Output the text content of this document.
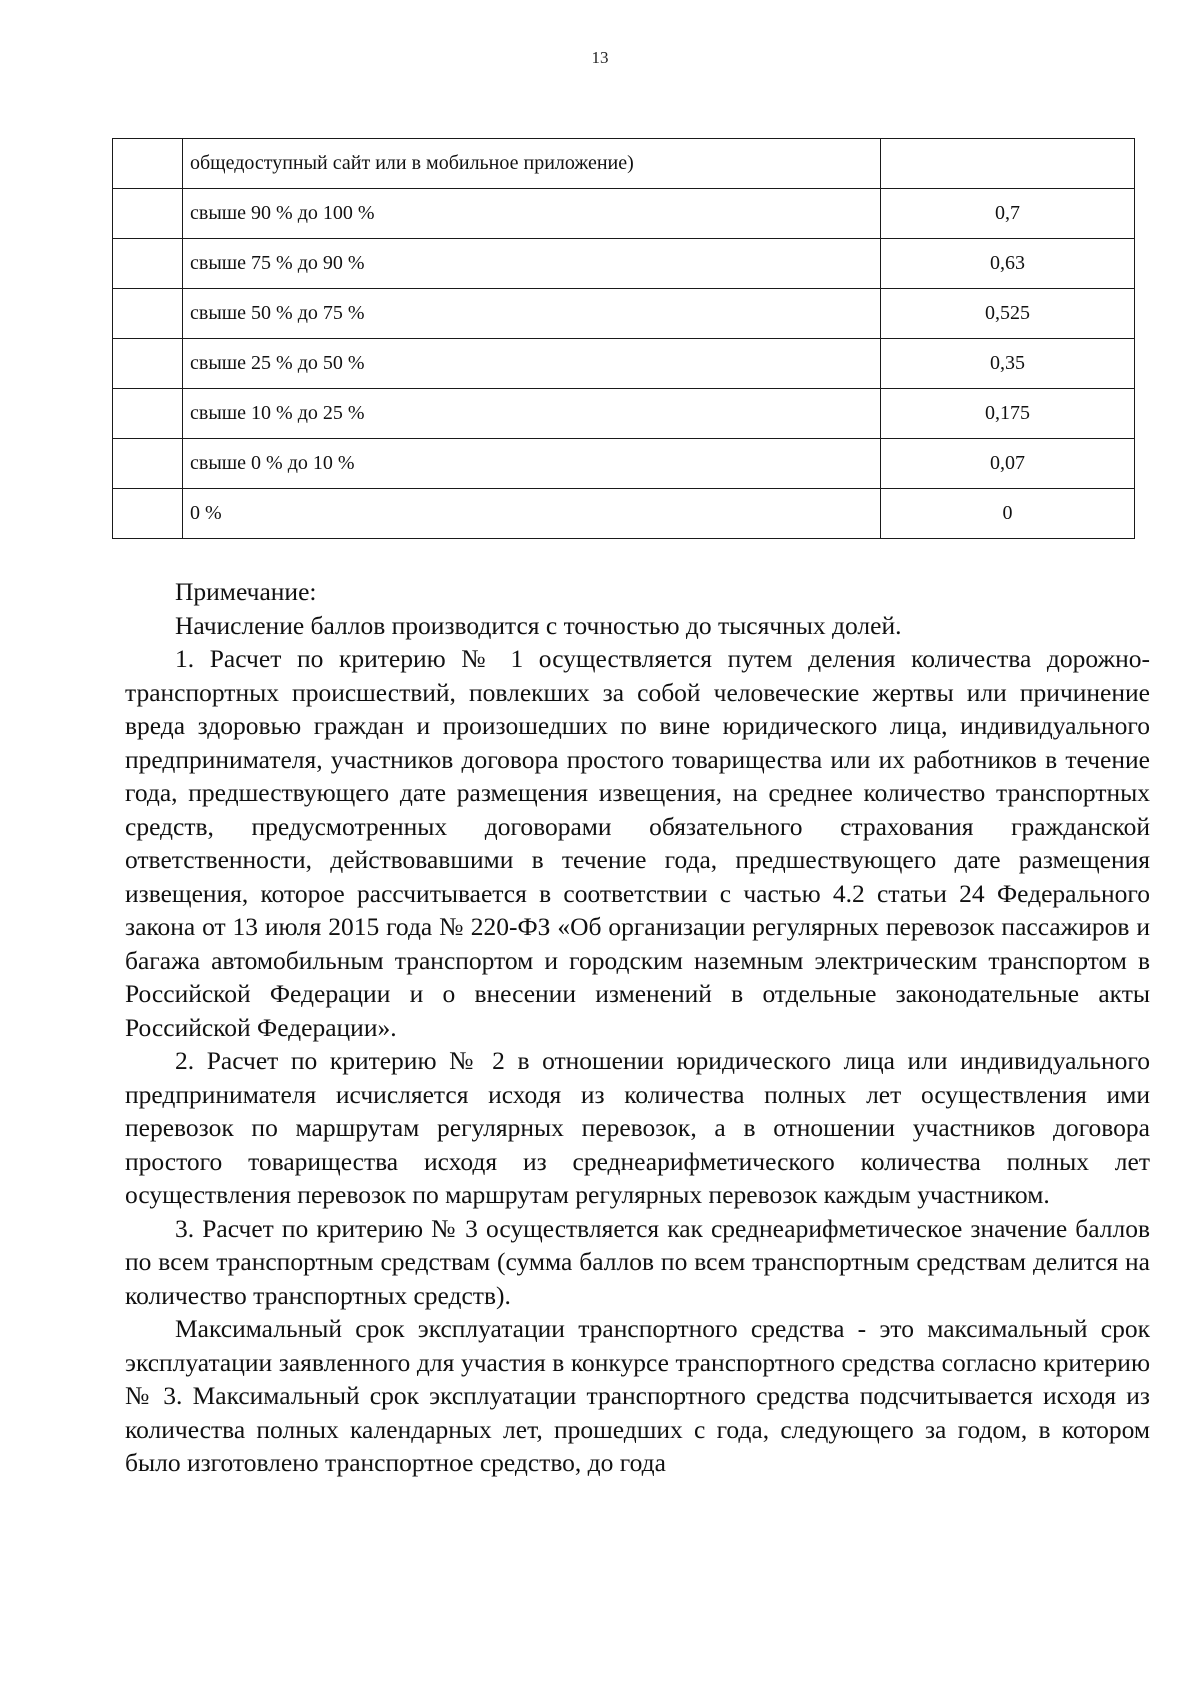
13
	общедоступный сайт или в мобильное приложение)	
	свыше 90 % до 100 %	0,7
	свыше 75 % до 90 %	0,63
	свыше 50 % до 75 %	0,525
	свыше 25 % до 50 %	0,35
	свыше 10 % до 25 %	0,175
	свыше 0 % до 10 %	0,07
	0 %	0

Примечание:

Начисление баллов производится с точностью до тысячных долей.

1. Расчет по критерию № 1 осуществляется путем деления количества дорожно-транспортных происшествий, повлекших за собой человеческие жертвы или причинение вреда здоровью граждан и произошедших по вине юридического лица, индивидуального предпринимателя, участников договора простого товарищества или их работников в течение года, предшествующего дате размещения извещения, на среднее количество транспортных средств, предусмотренных договорами обязательного страхования гражданской ответственности, действовавшими в течение года, предшествующего дате размещения извещения, которое рассчитывается в соответствии с частью 4.2 статьи 24 Федерального закона от 13 июля 2015 года № 220-ФЗ «Об организации регулярных перевозок пассажиров и багажа автомобильным транспортом и городским наземным электрическим транспортом в Российской Федерации и о внесении изменений в отдельные законодательные акты Российской Федерации».

2. Расчет по критерию № 2 в отношении юридического лица или индивидуального предпринимателя исчисляется исходя из количества полных лет осуществления ими перевозок по маршрутам регулярных перевозок, а в отношении участников договора простого товарищества исходя из среднеарифметического количества полных лет осуществления перевозок по маршрутам регулярных перевозок каждым участником.

3. Расчет по критерию № 3 осуществляется как среднеарифметическое значение баллов по всем транспортным средствам (сумма баллов по всем транспортным средствам делится на количество транспортных средств).

Максимальный срок эксплуатации транспортного средства - это максимальный срок эксплуатации заявленного для участия в конкурсе транспортного средства согласно критерию № 3. Максимальный срок эксплуатации транспортного средства подсчитывается исходя из количества полных календарных лет, прошедших с года, следующего за годом, в котором было изготовлено транспортное средство, до года
